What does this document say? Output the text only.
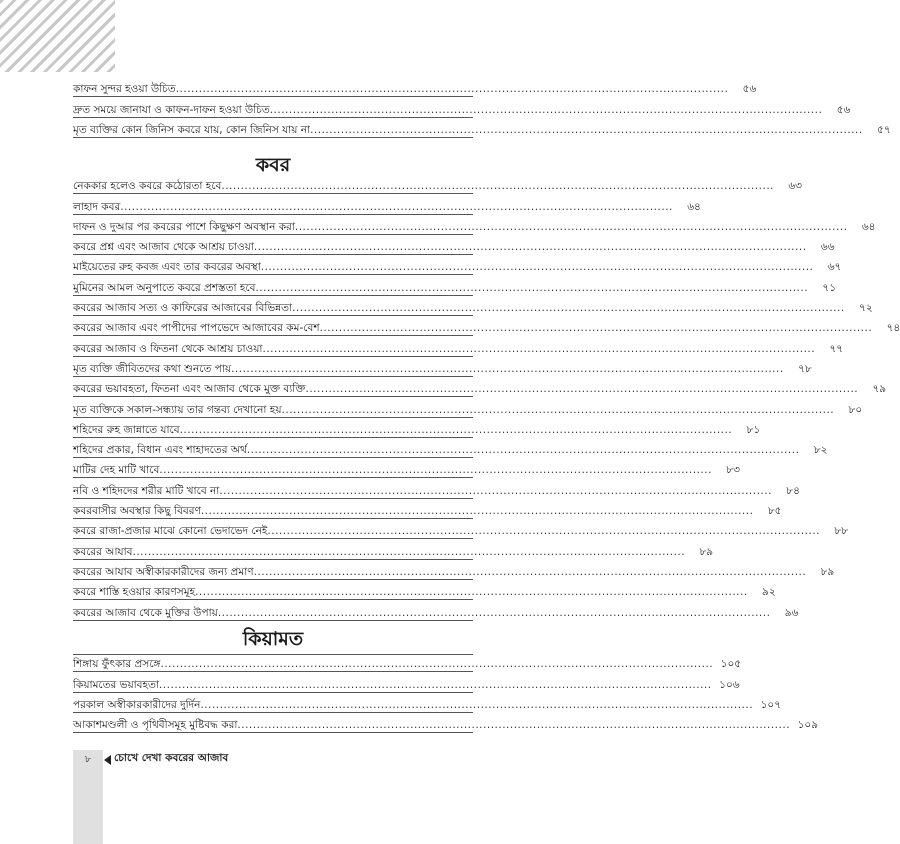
কাফন সুন্দর হওয়া উচিত .....	৫৬
দ্রুত সময়ে জানাযা ও কাফন-দাফন হওয়া উচিত .....	৫৬
মৃত ব্যক্তির কোন জিনিস কবরে যায়, কোন জিনিস যায় না .....	৫৭
কবর
নেককার হলেও কবরে কঠোরতা হবে .....	৬৩
লাহাদ কবর .....	৬৪
দাফন ও দুআর পর কবরের পাশে কিছুক্ষণ অবস্থান করা .....	৬৪
কবরে প্রশ্ন এবং আজাব থেকে আশ্রয় চাওয়া .....	৬৬
মাইয়েতের রুহ কবজ এবং তার কবরের অবস্থা .....	৬৭
মুমিনের আমল অনুপাতে কবরে প্রশস্ততা হবে .....	৭১
কবরের আজাব সত্য ও কাফিরের আজাবের বিভিন্নতা .....	৭২
কবরের আজাব এবং পাপীদের পাপভেদে আজাবের কম-বেশ .....	৭৪
কবরের আজাব ও ফিতনা থেকে আশ্রয় চাওয়া .....	৭৭
মৃত ব্যক্তি জীবিতদের কথা শুনতে পায় .....	৭৮
কবরের ভয়াবহতা, ফিতনা এবং আজাব থেকে মুক্ত ব্যক্তি .....	৭৯
মৃত ব্যক্তিকে সকাল-সন্ধ্যায় তার গন্তব্য দেখানো হয় .....	৮০
শহিদের রুহ জান্নাতে যাবে .....	৮১
শহিদের প্রকার, বিধান এবং শাহাদতের অর্থ .....	৮২
মাটির দেহ মাটি খাবে .....	৮৩
নবি ও শহিদদের শরীর মাটি খাবে না .....	৮৪
কবরবাসীর অবস্থার কিছু বিবরণ .....	৮৫
কবরে রাজা-প্রজার মাঝে কোনো ভেদাভেদ নেই .....	৮৮
কবরের আযাব .....	৮৯
কবরের আযাব অস্বীকারকারীদের জন্য প্রমাণ .....	৮৯
কবরে শাস্তি হওয়ার কারণসমূহ .....	৯২
কবরের আজাব থেকে মুক্তির উপায় .....	৯৬
কিয়ামত
শিঙ্গায় ফুঁৎকার প্রসঙ্গে .....	১০৫
কিয়ামতের ভয়াবহতা .....	১০৬
পরকাল অস্বীকারকারীদের দুর্দিন .....	১০৭
আকাশমণ্ডলী ও পৃথিবীসমূহ মুষ্টিবদ্ধ করা .....	১০৯
৮	চোখে দেখা কবরের আজাব
